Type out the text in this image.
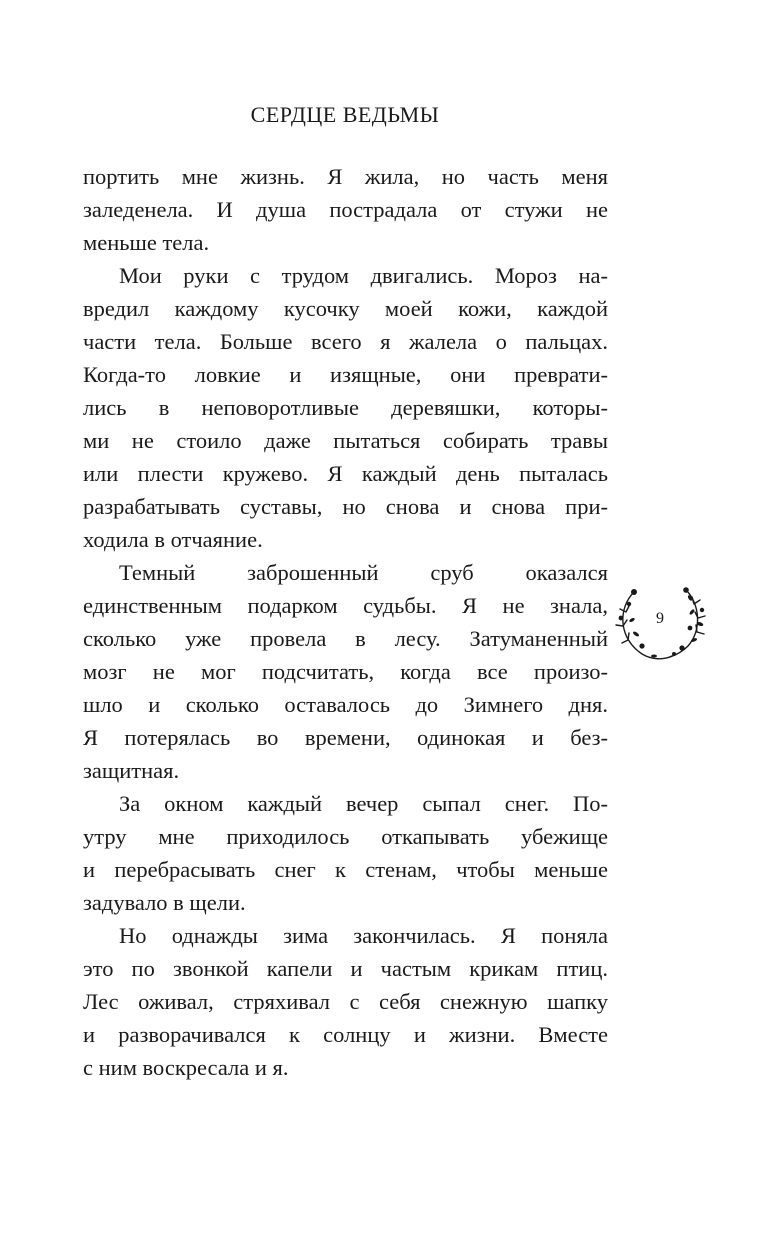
СЕРДЦЕ ВЕДЬМЫ
портить мне жизнь. Я жила, но часть меня
заледенела. И душа пострадала от стужи не
меньше тела.
Мои руки с трудом двигались. Мороз на-
вредил каждому кусочку моей кожи, каждой
части тела. Больше всего я жалела о пальцах.
Когда-то ловкие и изящные, они преврати-
лись в неповоротливые деревяшки, которы-
ми не стоило даже пытаться собирать травы
или плести кружево. Я каждый день пыталась
разрабатывать суставы, но снова и снова при-
ходила в отчаяние.
Темный заброшенный сруб оказался
единственным подарком судьбы. Я не знала,
сколько уже провела в лесу. Затуманенный
мозг не мог подсчитать, когда все произо-
шло и сколько оставалось до Зимнего дня.
Я потерялась во времени, одинокая и без-
защитная.
За окном каждый вечер сыпал снег. По-
утру мне приходилось откапывать убежище
и перебрасывать снег к стенам, чтобы меньше
задувало в щели.
Но однажды зима закончилась. Я поняла
это по звонкой капели и частым крикам птиц.
Лес оживал, стряхивал с себя снежную шапку
и разворачивался к солнцу и жизни. Вместе
с ним воскресала и я.
9
